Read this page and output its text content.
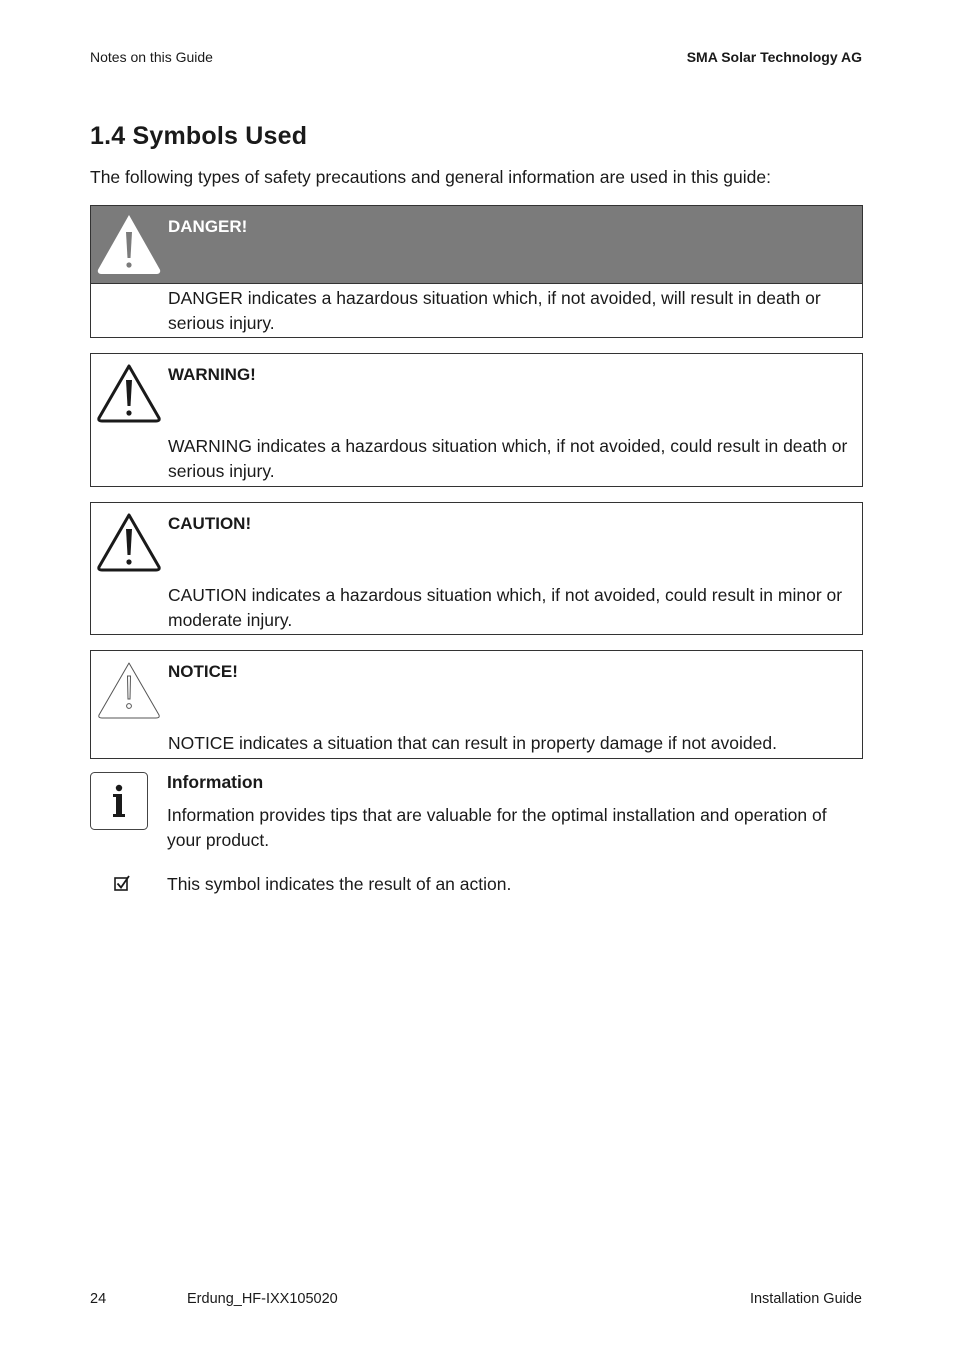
Notes on this Guide	SMA Solar Technology AG
1.4 Symbols Used
The following types of safety precautions and general information are used in this guide:
DANGER!
DANGER indicates a hazardous situation which, if not avoided, will result in death or serious injury.
WARNING!
WARNING indicates a hazardous situation which, if not avoided, could result in death or serious injury.
CAUTION!
CAUTION indicates a hazardous situation which, if not avoided, could result in minor or moderate injury.
NOTICE!
NOTICE indicates a situation that can result in property damage if not avoided.
Information
Information provides tips that are valuable for the optimal installation and operation of your product.
This symbol indicates the result of an action.
24	Erdung_HF-IXX105020	Installation Guide
